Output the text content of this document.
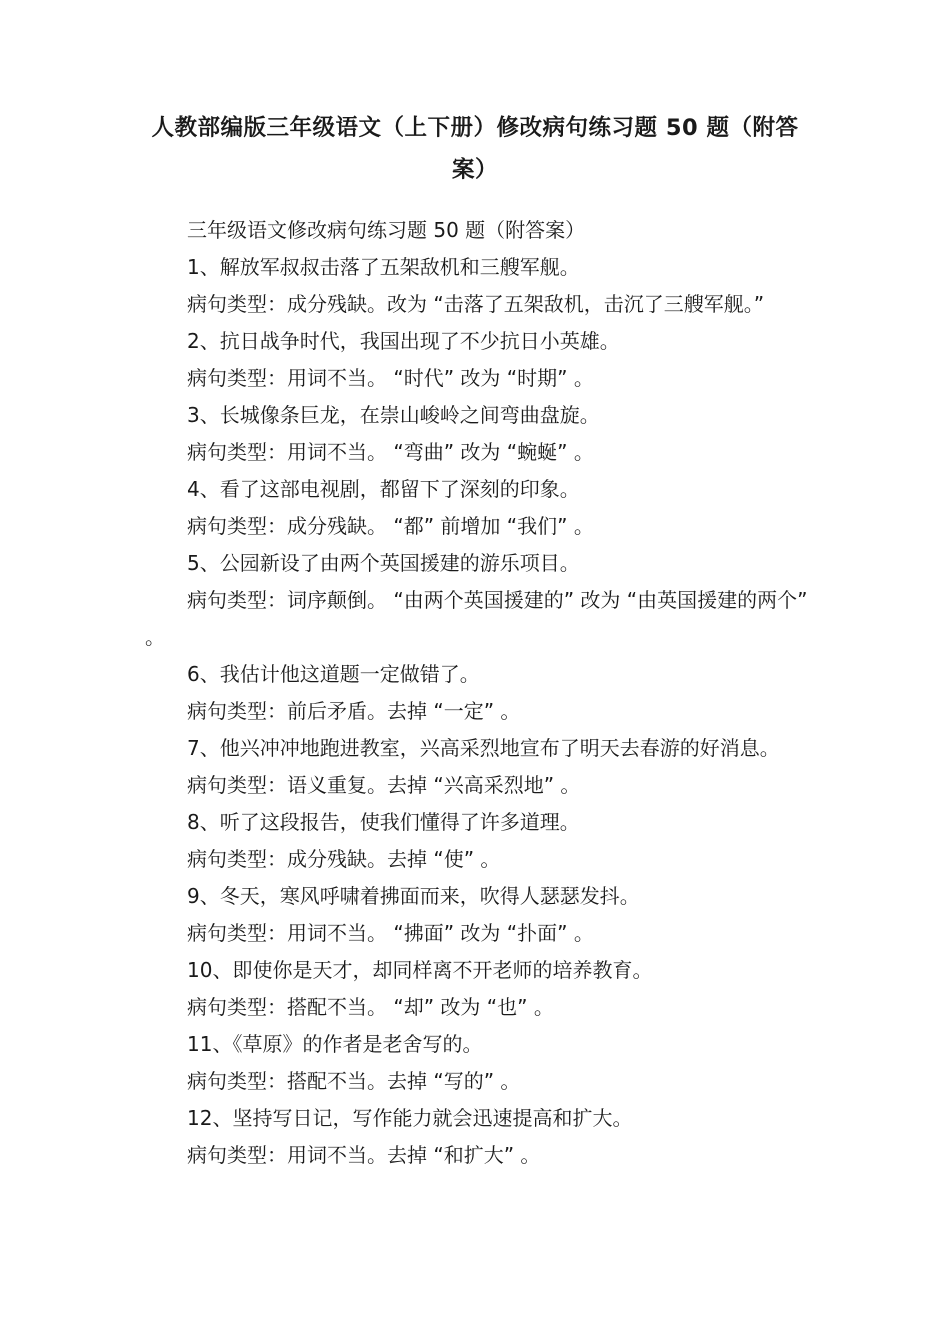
人教部编版三年级语文（上下册）修改病句练习题 50 题（附答案）

三年级语文修改病句练习题 50 题（附答案）

1、解放军叔叔击落了五架敌机和三艘军舰。

病句类型：成分残缺。改为 “击落了五架敌机，击沉了三艘军舰。”

2、抗日战争时代，我国出现了不少抗日小英雄。

病句类型：用词不当。 “时代” 改为 “时期” 。

3、长城像条巨龙，在崇山峻岭之间弯曲盘旋。

病句类型：用词不当。 “弯曲” 改为 “蜿蜒” 。

4、看了这部电视剧，都留下了深刻的印象。

病句类型：成分残缺。 “都” 前增加 “我们” 。

5、公园新设了由两个英国援建的游乐项目。

病句类型：词序颠倒。 “由两个英国援建的” 改为 “由英国援建的两个” 。

6、我估计他这道题一定做错了。

病句类型：前后矛盾。去掉 “一定” 。

7、他兴冲冲地跑进教室，兴高采烈地宣布了明天去春游的好消息。

病句类型：语义重复。去掉 “兴高采烈地” 。

8、听了这段报告，使我们懂得了许多道理。

病句类型：成分残缺。去掉 “使” 。

9、冬天，寒风呼啸着拂面而来，吹得人瑟瑟发抖。

病句类型：用词不当。 “拂面” 改为 “扑面” 。

10、即使你是天才，却同样离不开老师的培养教育。

病句类型：搭配不当。 “却” 改为 “也” 。

11、《草原》的作者是老舍写的。

病句类型：搭配不当。去掉 “写的” 。

12、坚持写日记，写作能力就会迅速提高和扩大。

病句类型：用词不当。去掉 “和扩大” 。
